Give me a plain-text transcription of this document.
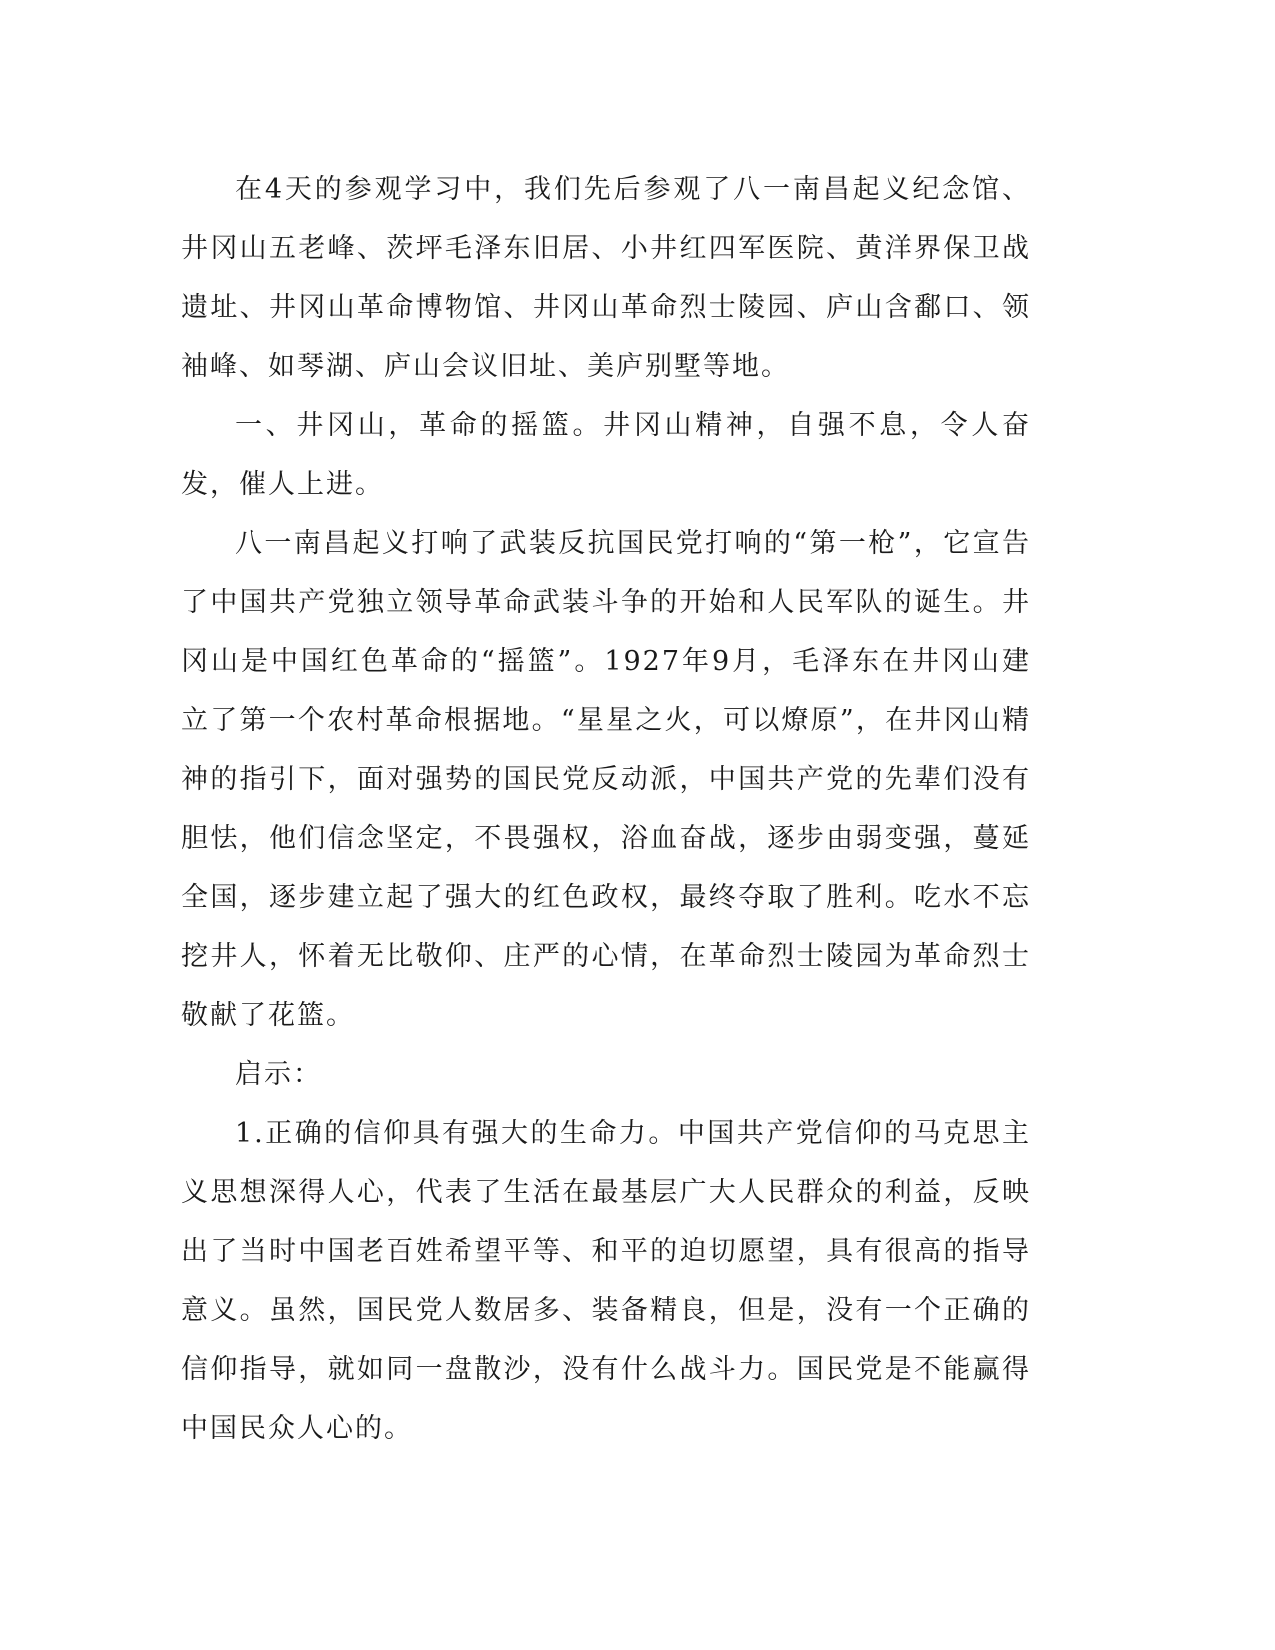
在4天的参观学习中，我们先后参观了八一南昌起义纪念馆、井冈山五老峰、茨坪毛泽东旧居、小井红四军医院、黄洋界保卫战遗址、井冈山革命博物馆、井冈山革命烈士陵园、庐山含鄱口、领袖峰、如琴湖、庐山会议旧址、美庐别墅等地。

一、井冈山，革命的摇篮。井冈山精神，自强不息，令人奋发，催人上进。

八一南昌起义打响了武装反抗国民党打响的“第一枪”，它宣告了中国共产党独立领导革命武装斗争的开始和人民军队的诞生。井冈山是中国红色革命的“摇篮”。1927年9月，毛泽东在井冈山建立了第一个农村革命根据地。“星星之火，可以燎原”，在井冈山精神的指引下，面对强势的国民党反动派，中国共产党的先辈们没有胆怯，他们信念坚定，不畏强权，浴血奋战，逐步由弱变强，蔓延全国，逐步建立起了强大的红色政权，最终夺取了胜利。吃水不忘挖井人，怀着无比敬仰、庄严的心情，在革命烈士陵园为革命烈士敬献了花篮。

启示：

1.正确的信仰具有强大的生命力。中国共产党信仰的马克思主义思想深得人心，代表了生活在最基层广大人民群众的利益，反映出了当时中国老百姓希望平等、和平的迫切愿望，具有很高的指导意义。虽然，国民党人数居多、装备精良，但是，没有一个正确的信仰指导，就如同一盘散沙，没有什么战斗力。国民党是不能赢得中国民众人心的。
